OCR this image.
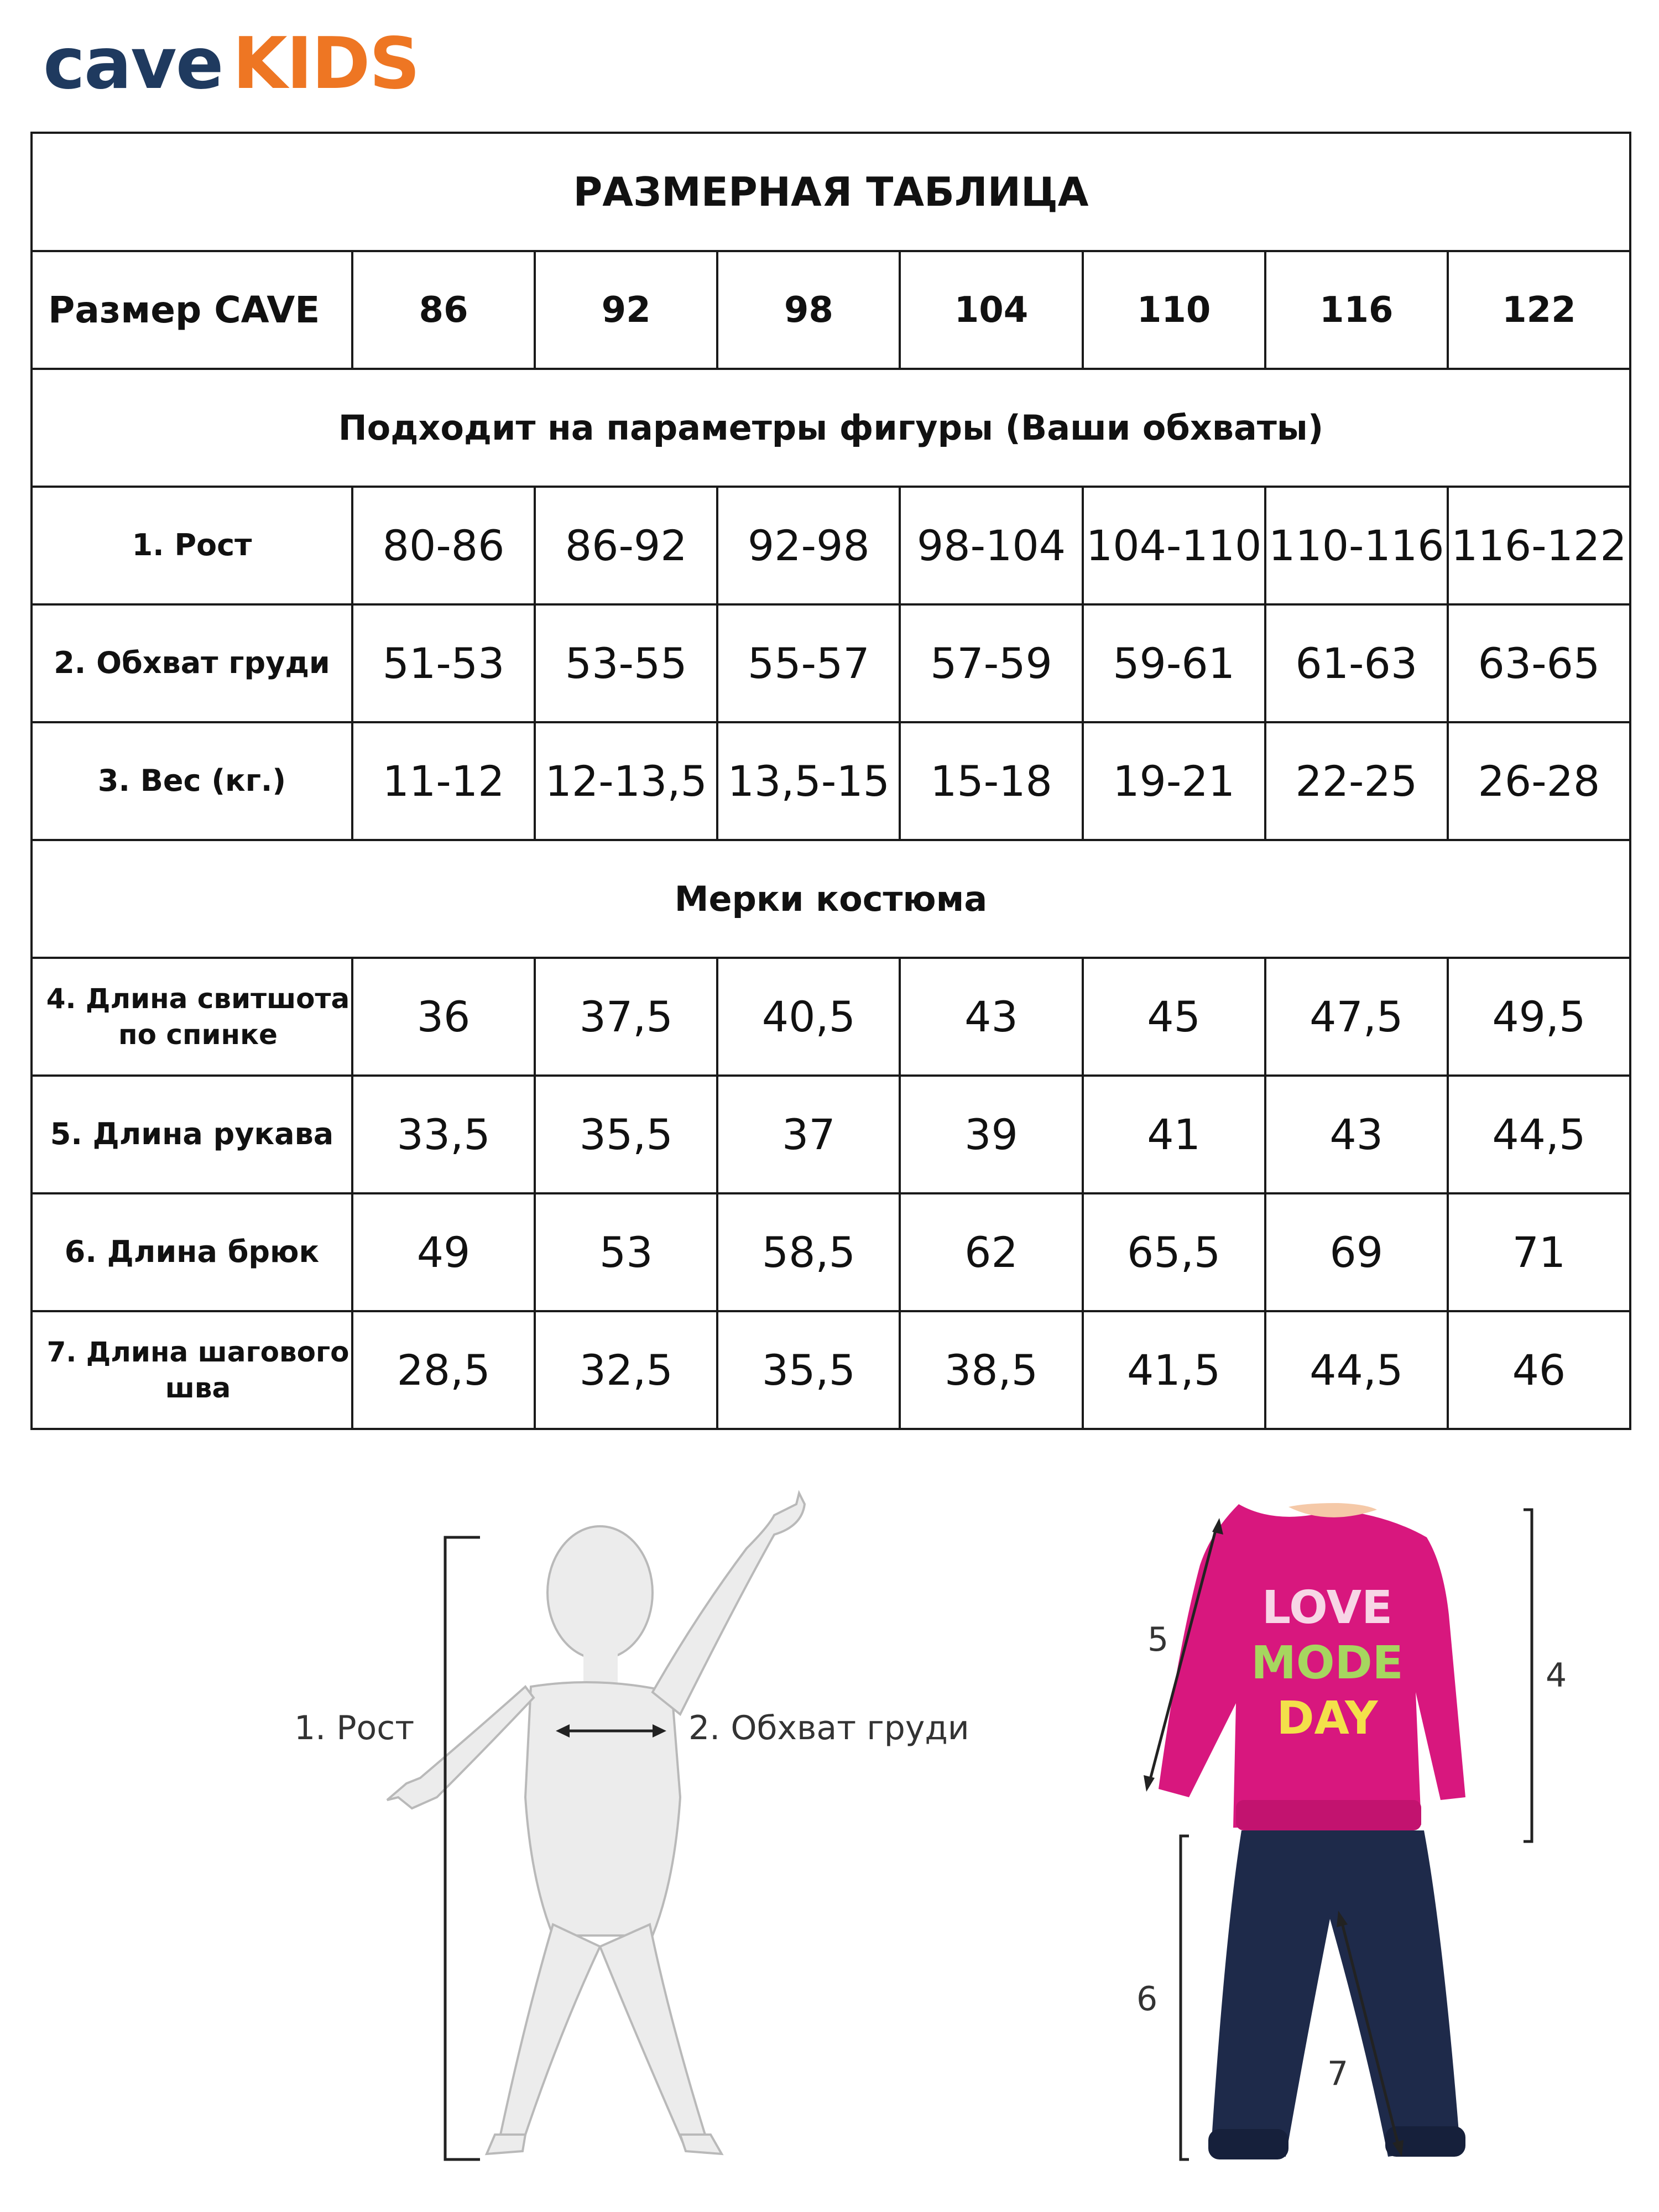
cave KIDS
РАЗМЕРНАЯ ТАБЛИЦА							
Размер CAVE	86	92	98	104	110	116	122
Подходит на параметры фигуры (Ваши обхваты)							
1. Рост	80-86	86-92	92-98	98-104	104-110	110-116	116-122
2. Обхват груди	51-53	53-55	55-57	57-59	59-61	61-63	63-65
3. Вес (кг.)	11-12	12-13,5	13,5-15	15-18	19-21	22-25	26-28
Мерки костюма							
4. Длина свитшота по спинке	36	37,5	40,5	43	45	47,5	49,5
5. Длина рукава	33,5	35,5	37	39	41	43	44,5
6. Длина брюк	49	53	58,5	62	65,5	69	71
7. Длина шагового шва	28,5	32,5	35,5	38,5	41,5	44,5	46
1. Рост	2. Обхват груди
LOVE
MODE
DAY
5
4
6
7
